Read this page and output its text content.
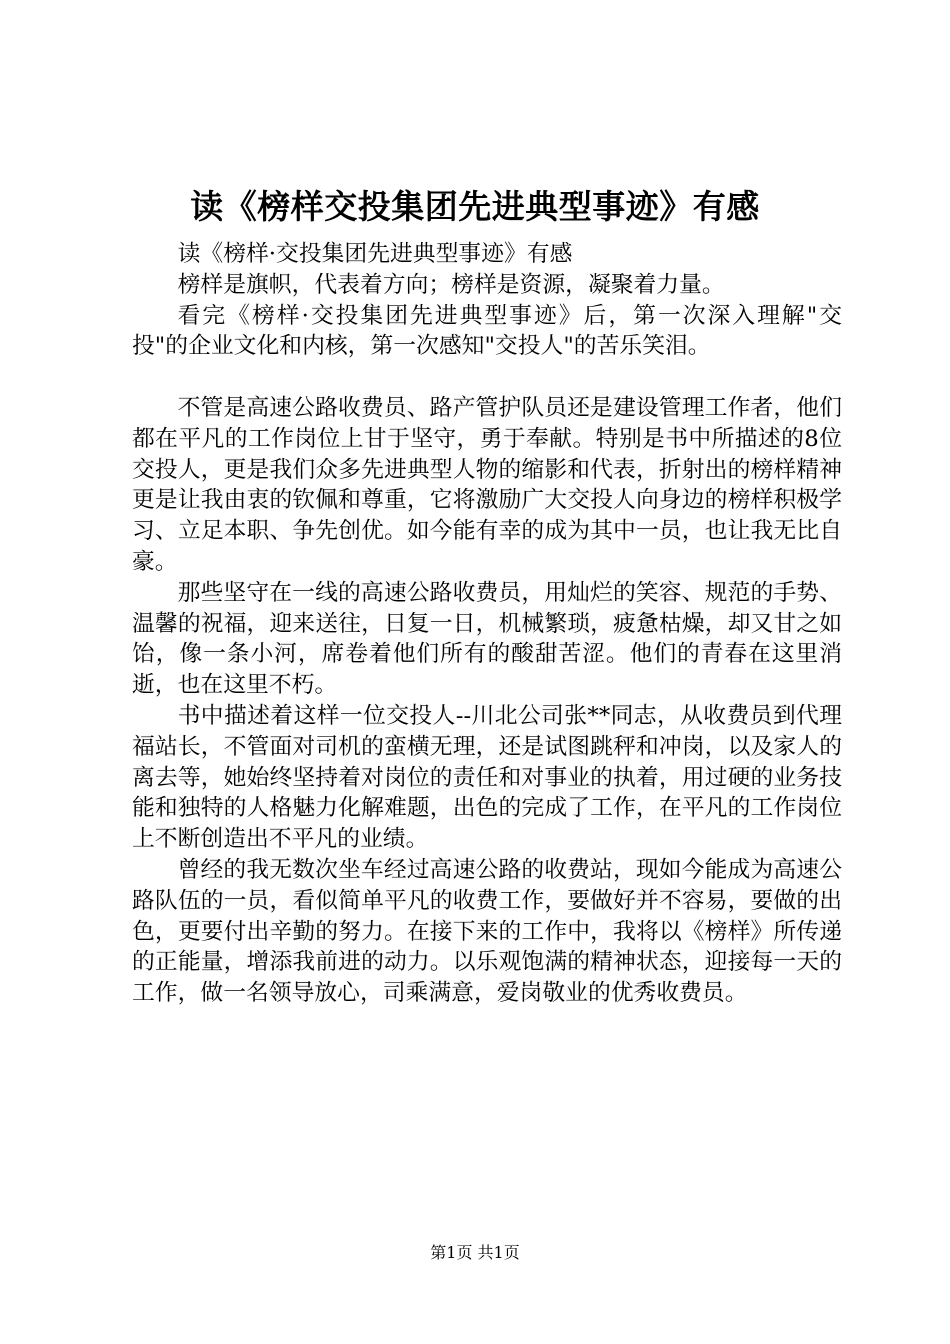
读《榜样交投集团先进典型事迹》有感

读《榜样·交投集团先进典型事迹》有感

榜样是旗帜，代表着方向；榜样是资源，凝聚着力量。

看完《榜样·交投集团先进典型事迹》后，第一次深入理解"交投"的企业文化和内核，第一次感知"交投人"的苦乐笑泪。

不管是高速公路收费员、路产管护队员还是建设管理工作者，他们都在平凡的工作岗位上甘于坚守，勇于奉献。特别是书中所描述的8位交投人，更是我们众多先进典型人物的缩影和代表，折射出的榜样精神更是让我由衷的钦佩和尊重，它将激励广大交投人向身边的榜样积极学习、立足本职、争先创优。如今能有幸的成为其中一员，也让我无比自豪。

那些坚守在一线的高速公路收费员，用灿烂的笑容、规范的手势、温馨的祝福，迎来送往，日复一日，机械繁琐，疲惫枯燥，却又甘之如饴，像一条小河，席卷着他们所有的酸甜苦涩。他们的青春在这里消逝，也在这里不朽。

书中描述着这样一位交投人--川北公司张**同志，从收费员到代理福站长，不管面对司机的蛮横无理，还是试图跳秤和冲岗，以及家人的离去等，她始终坚持着对岗位的责任和对事业的执着，用过硬的业务技能和独特的人格魅力化解难题，出色的完成了工作，在平凡的工作岗位上不断创造出不平凡的业绩。

曾经的我无数次坐车经过高速公路的收费站，现如今能成为高速公路队伍的一员，看似简单平凡的收费工作，要做好并不容易，要做的出色，更要付出辛勤的努力。在接下来的工作中，我将以《榜样》所传递的正能量，增添我前进的动力。以乐观饱满的精神状态，迎接每一天的工作，做一名领导放心，司乘满意，爱岗敬业的优秀收费员。

第1页 共1页
